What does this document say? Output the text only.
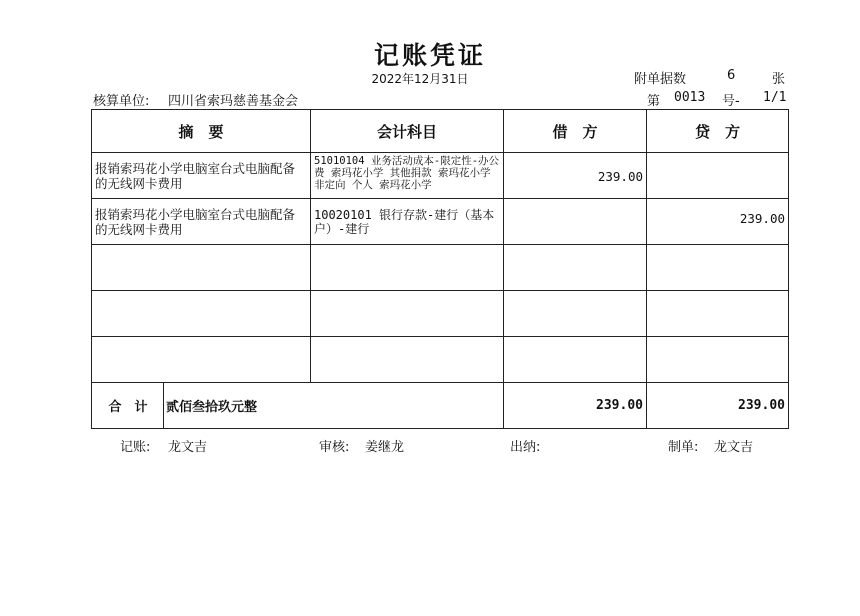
记账凭证
2022年12月31日	附单据数	6	张
核算单位: 四川省索玛慈善基金会	第 0013 号- 1/1
摘　要	会计科目	借　方	贷　方
报销索玛花小学电脑室台式电脑配备的无线网卡费用	51010104 业务活动成本-限定性-办公费 索玛花小学 其他捐款 索玛花小学 非定向 个人 索玛花小学	239.00	
报销索玛花小学电脑室台式电脑配备的无线网卡费用	10020101 银行存款-建行（基本户）-建行		239.00

合　计 贰佰叁拾玖元整		239.00	239.00
记账: 龙文吉	审核: 姜继龙	出纳:	制单: 龙文吉
